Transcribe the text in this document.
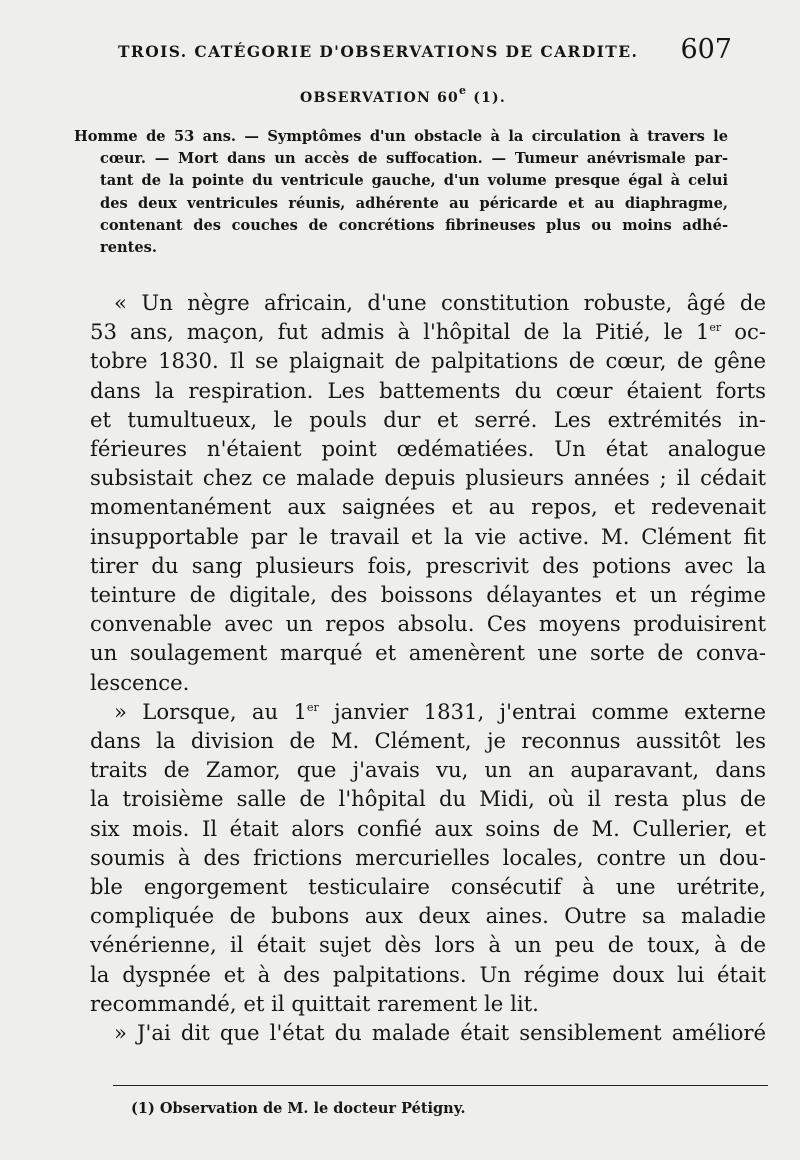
TROIS. CATÉGORIE D'OBSERVATIONS DE CARDITE. 607
OBSERVATION 60e (1).
Homme de 53 ans. — Symptômes d'un obstacle à la circulation à travers le
cœur. — Mort dans un accès de suffocation. — Tumeur anévrismale par-
tant de la pointe du ventricule gauche, d'un volume presque égal à celui
des deux ventricules réunis, adhérente au péricarde et au diaphragme,
contenant des couches de concrétions fibrineuses plus ou moins adhé-
rentes.
« Un nègre africain, d'une constitution robuste, âgé de
53 ans, maçon, fut admis à l'hôpital de la Pitié, le 1er oc-
tobre 1830. Il se plaignait de palpitations de cœur, de gêne
dans la respiration. Les battements du cœur étaient forts
et tumultueux, le pouls dur et serré. Les extrémités in-
férieures n'étaient point œdématiées. Un état analogue
subsistait chez ce malade depuis plusieurs années ; il cédait
momentanément aux saignées et au repos, et redevenait
insupportable par le travail et la vie active. M. Clément fit
tirer du sang plusieurs fois, prescrivit des potions avec la
teinture de digitale, des boissons délayantes et un régime
convenable avec un repos absolu. Ces moyens produisirent
un soulagement marqué et amenèrent une sorte de conva-
lescence.
» Lorsque, au 1er janvier 1831, j'entrai comme externe
dans la division de M. Clément, je reconnus aussitôt les
traits de Zamor, que j'avais vu, un an auparavant, dans
la troisième salle de l'hôpital du Midi, où il resta plus de
six mois. Il était alors confié aux soins de M. Cullerier, et
soumis à des frictions mercurielles locales, contre un dou-
ble engorgement testiculaire consécutif à une urétrite,
compliquée de bubons aux deux aines. Outre sa maladie
vénérienne, il était sujet dès lors à un peu de toux, à de
la dyspnée et à des palpitations. Un régime doux lui était
recommandé, et il quittait rarement le lit.
» J'ai dit que l'état du malade était sensiblement amélioré
(1) Observation de M. le docteur Pétigny.
